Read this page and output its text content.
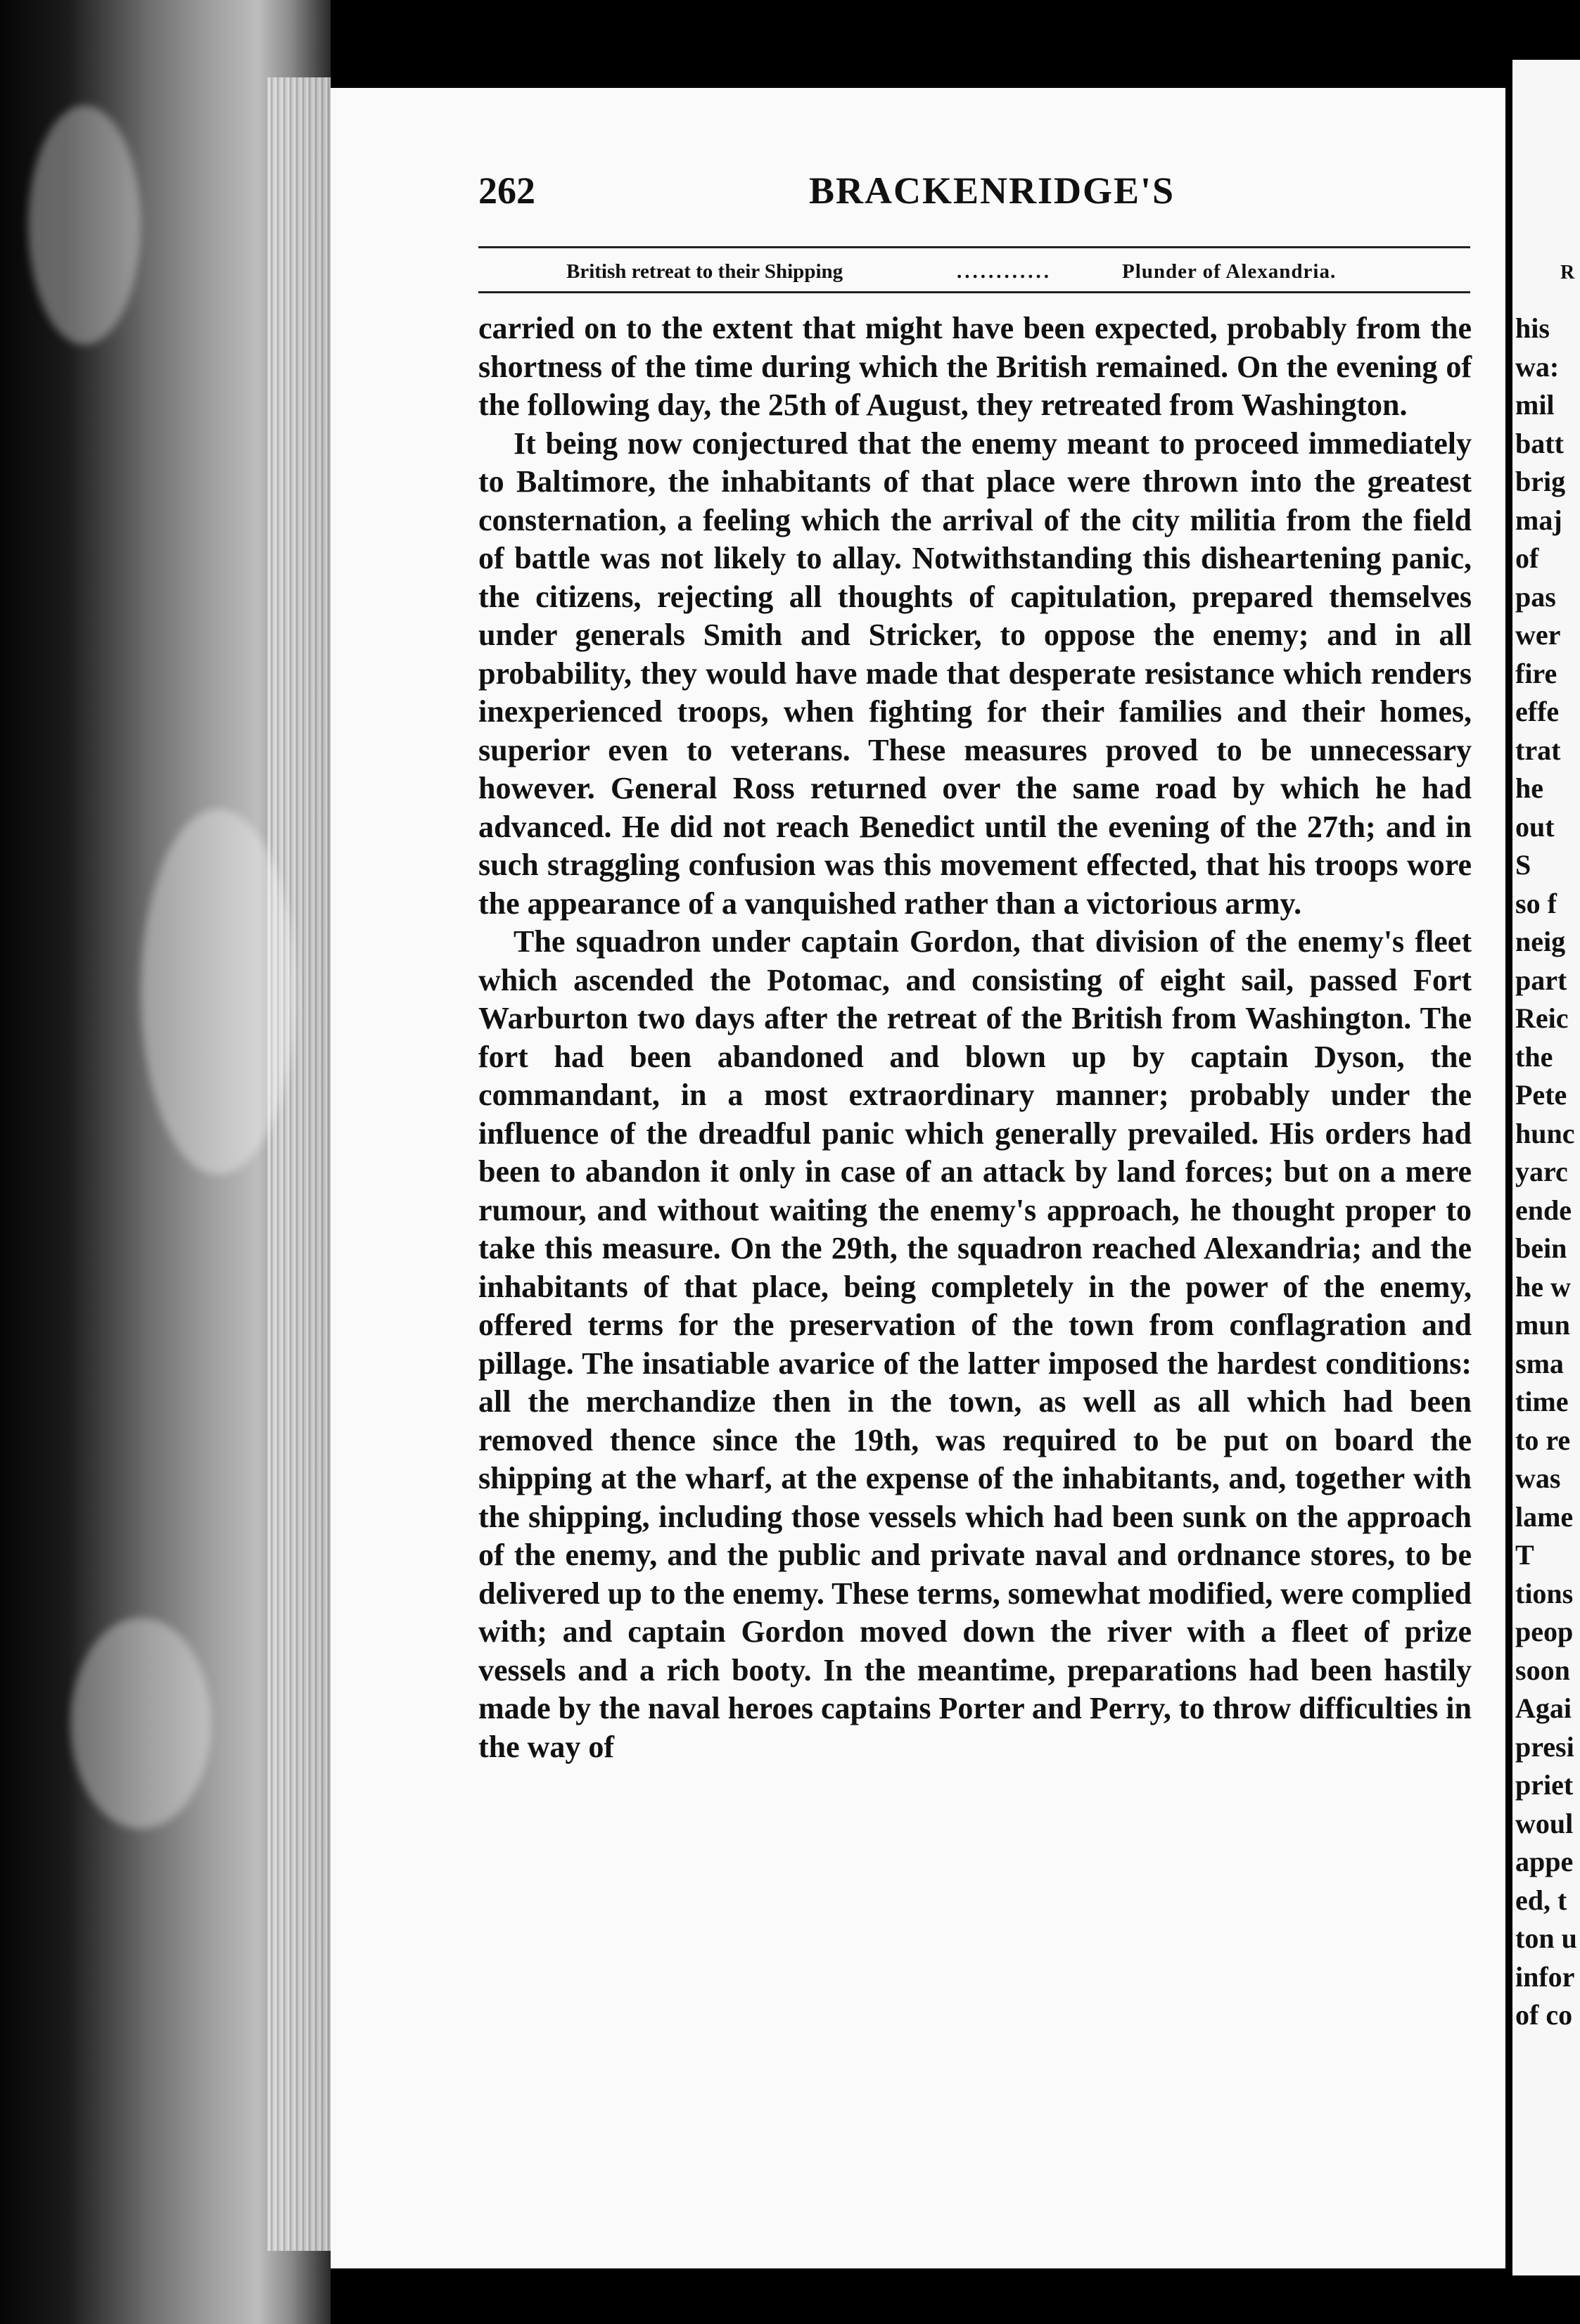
262	BRACKENRIDGE'S
British retreat to their Shipping	............	Plunder of Alexandria.

carried on to the extent that might have been expected, probably from the shortness of the time during which the British remained. On the evening of the following day, the 25th of August, they retreated from Washington.

It being now conjectured that the enemy meant to proceed immediately to Baltimore, the inhabitants of that place were thrown into the greatest consternation, a feeling which the arrival of the city militia from the field of battle was not likely to allay. Notwithstanding this disheartening panic, the citizens, rejecting all thoughts of capitulation, prepared themselves under generals Smith and Stricker, to oppose the enemy; and in all probability, they would have made that desperate resistance which renders inexperienced troops, when fighting for their families and their homes, superior even to veterans. These measures proved to be unnecessary however. General Ross returned over the same road by which he had advanced. He did not reach Benedict until the evening of the 27th; and in such straggling confusion was this movement effected, that his troops wore the appearance of a vanquished rather than a victorious army.

The squadron under captain Gordon, that division of the enemy's fleet which ascended the Potomac, and consisting of eight sail, passed Fort Warburton two days after the retreat of the British from Washington. The fort had been abandoned and blown up by captain Dyson, the commandant, in a most extraordinary manner; probably under the influence of the dreadful panic which generally prevailed. His orders had been to abandon it only in case of an attack by land forces; but on a mere rumour, and without waiting the enemy's approach, he thought proper to take this measure. On the 29th, the squadron reached Alexandria; and the inhabitants of that place, being completely in the power of the enemy, offered terms for the preservation of the town from conflagration and pillage. The insatiable avarice of the latter imposed the hardest conditions: all the merchandize then in the town, as well as all which had been removed thence since the 19th, was required to be put on board the shipping at the wharf, at the expense of the inhabitants, and, together with the shipping, including those vessels which had been sunk on the approach of the enemy, and the public and private naval and ordnance stores, to be delivered up to the enemy. These terms, somewhat modified, were complied with; and captain Gordon moved down the river with a fleet of prize vessels and a rich booty. In the meantime, preparations had been hastily made by the naval heroes captains Porter and Perry, to throw difficulties in the way of

R
his
wa:
mil
batt
brig
maj
of
pas
wer
fire
effe
trat
he
out
S
so f
neig
part
Reic
the
Pete
hunc
yarc
ende
bein
he w
mun
sma
time
to re
was
lame
T
tions
peop
soon
Agai
presi
priet
woul
appe
ed, t
ton u
infor
of co
